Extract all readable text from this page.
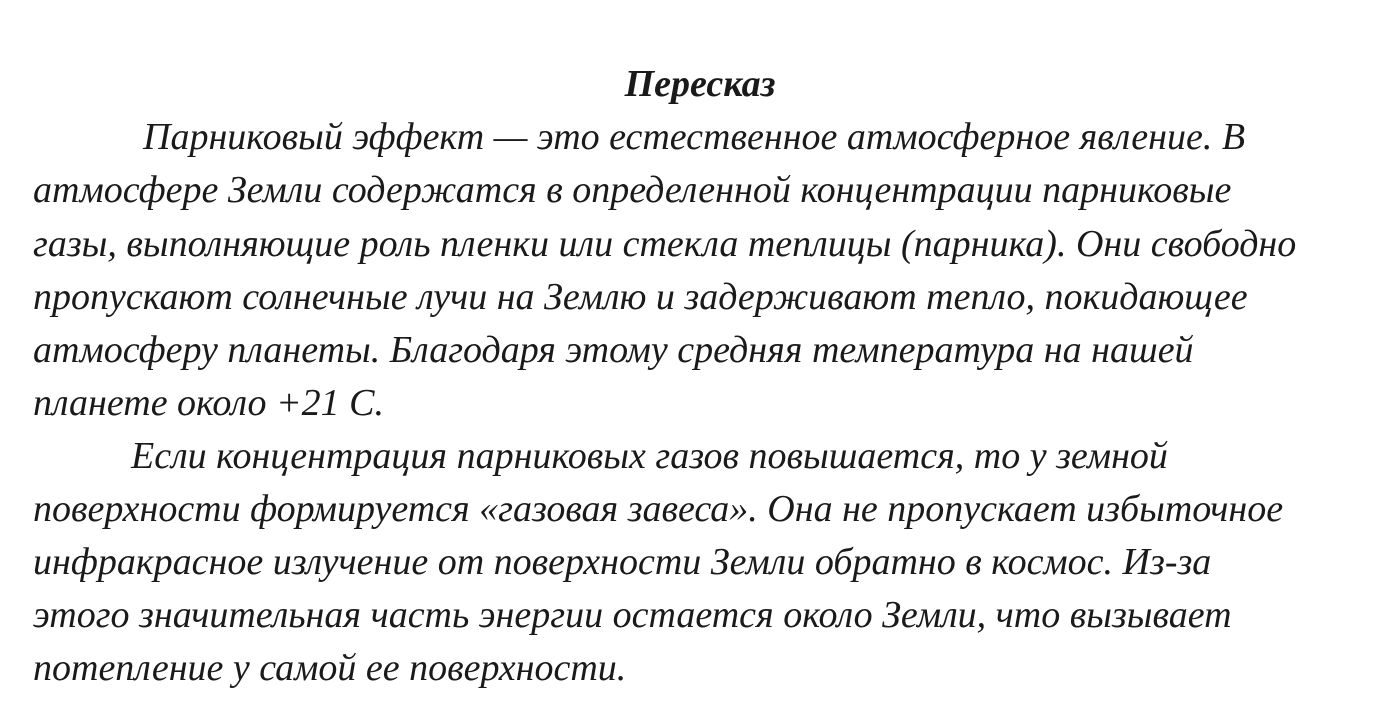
Пересказ

Парниковый эффект — это естественное атмосферное явление. В

атмосфере Земли содержатся в определенной концентрации парниковые

газы, выполняющие роль пленки или стекла теплицы (парника). Они свободно

пропускают солнечные лучи на Землю и задерживают тепло, покидающее

атмосферу планеты. Благодаря этому средняя температура на нашей

планете около +21 С.

Если концентрация парниковых газов повышается, то у земной

поверхности формируется «газовая завеса». Она не пропускает избыточное

инфракрасное излучение от поверхности Земли обратно в космос. Из-за

этого значительная часть энергии остается около Земли, что вызывает

потепление у самой ее поверхности.
